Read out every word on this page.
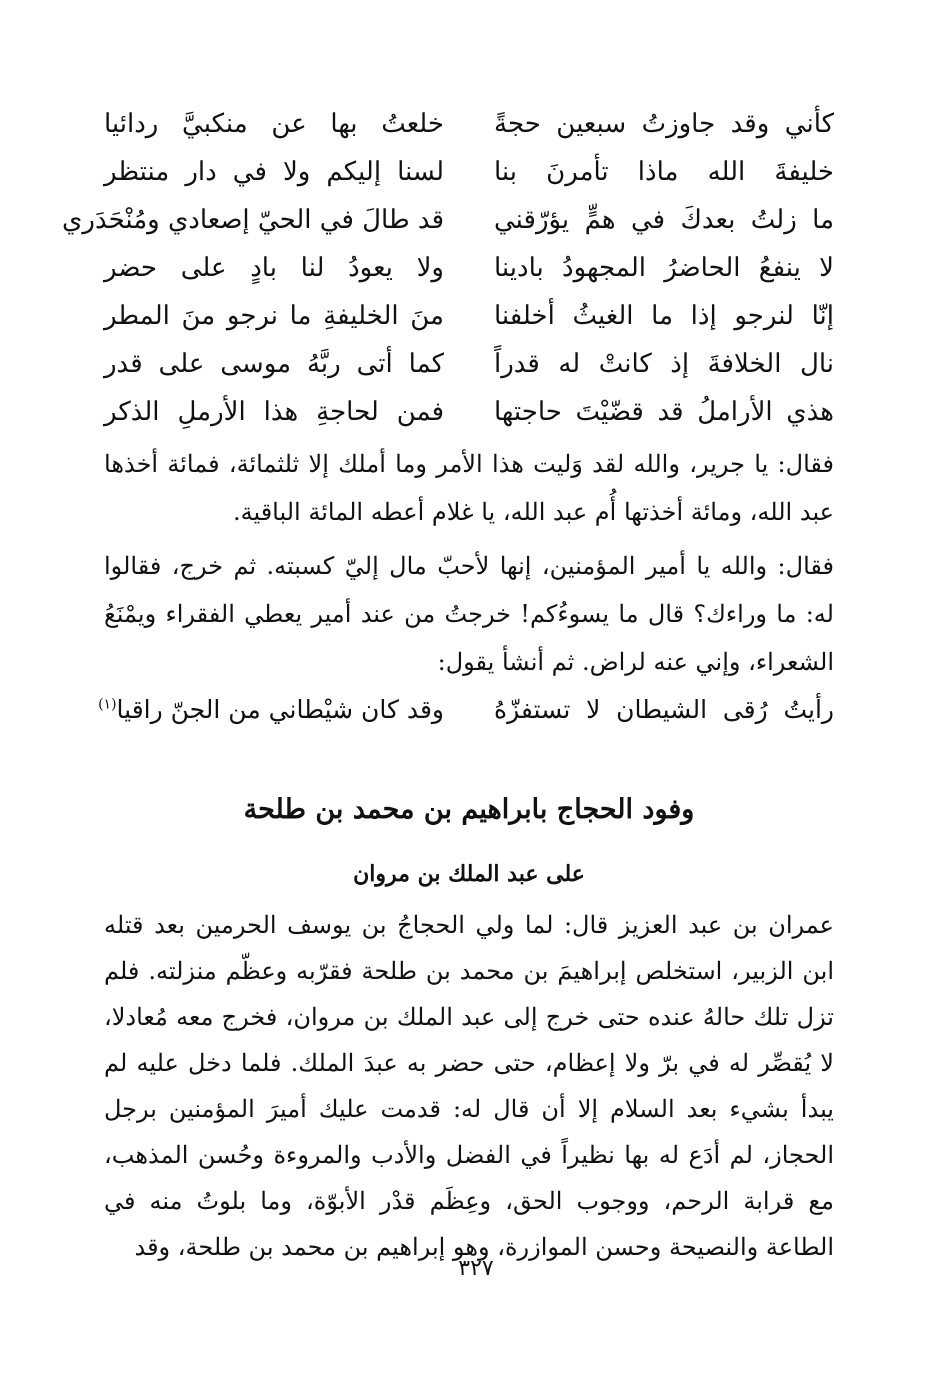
كأني وقد جاوزتُ سبعين حجةً
خلعتُ بها عن منكبيَّ ردائيا
خليفةَ الله ماذا تأمرنَ بنا
لسنا إليكم ولا في دار منتظر
ما زلتُ بعدكَ في همٍّ يؤرّقني
قد طالَ في الحيّ إصعادي ومُنْحَدَري
لا ينفعُ الحاضرُ المجهودُ بادينا
ولا يعودُ لنا بادٍ على حضر
إنّا لنرجو إذا ما الغيثُ أخلفنا
منَ الخليفةِ ما نرجو منَ المطر
نال الخلافةَ إذ كانتْ له قدراً
كما أتى ربَّهُ موسى على قدر
هذي الأراملُ قد قضّيْتَ حاجتها
فمن لحاجةِ هذا الأرملِ الذكر

فقال: يا جرير، والله لقد وَليت هذا الأمر وما أملك إلا ثلثمائة، فمائة أخذها عبد الله، ومائة أخذتها أُم عبد الله، يا غلام أعطه المائة الباقية.

فقال: والله يا أمير المؤمنين، إنها لأحبّ مال إليّ كسبته. ثم خرج، فقالوا له: ما وراءك؟ قال ما يسوءُكم! خرجتُ من عند أمير يعطي الفقراء ويمْنَعُ الشعراء، وإني عنه لراض. ثم أنشأ يقول:

رأيتُ رُقى الشيطان لا تستفزّهُ
وقد كان شيْطاني من الجنّ راقيا$^{(١)}$
وفود الحجاج بابراهيم بن محمد بن طلحة
على عبد الملك بن مروان

عمران بن عبد العزيز قال: لما ولي الحجاجُ بن يوسف الحرمين بعد قتله ابن الزبير، استخلص إبراهيمَ بن محمد بن طلحة فقرّبه وعظّم منزلته. فلم تزل تلك حالهُ عنده حتى خرج إلى عبد الملك بن مروان، فخرج معه مُعادلا، لا يُقصِّر له في برّ ولا إعظام، حتى حضر به عبدَ الملك. فلما دخل عليه لم يبدأ بشيء بعد السلام إلا أن قال له: قدمت عليك أميرَ المؤمنين برجل الحجاز، لم أدَع له بها نظيراً في الفضل والأدب والمروءة وحُسن المذهب، مع قرابة الرحم، ووجوب الحق، وعِظَم قدْر الأبوّة، وما بلوتُ منه في الطاعة والنصيحة وحسن الموازرة، وهو إبراهيم بن محمد بن طلحة، وقد

٣٢٧
